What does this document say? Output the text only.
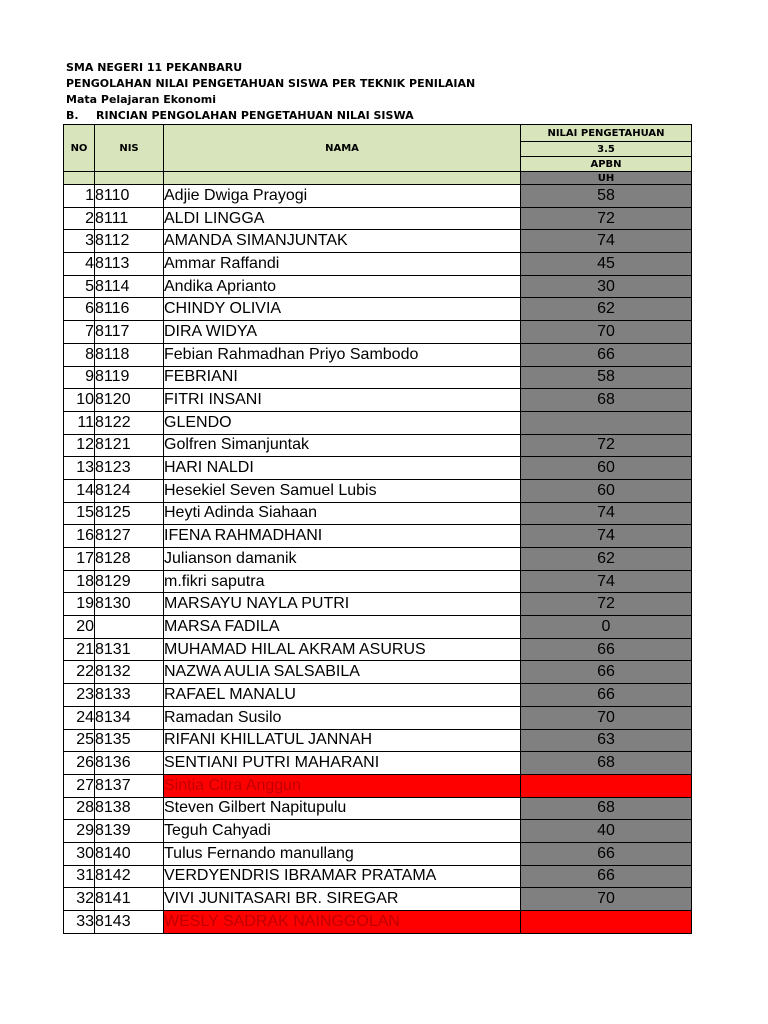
SMA NEGERI 11 PEKANBARU
PENGOLAHAN NILAI PENGETAHUAN SISWA PER TEKNIK PENILAIAN
Mata Pelajaran Ekonomi
B.	RINCIAN PENGOLAHAN PENGETAHUAN NILAI SISWA
NO	NIS	NAMA	NILAI PENGETAHUAN
			3.5
			APBN
			UH
1	8110	Adjie Dwiga Prayogi	58
2	8111	ALDI LINGGA	72
3	8112	AMANDA SIMANJUNTAK	74
4	8113	Ammar Raffandi	45
5	8114	Andika Aprianto	30
6	8116	CHINDY OLIVIA	62
7	8117	DIRA WIDYA	70
8	8118	Febian Rahmadhan Priyo Sambodo	66
9	8119	FEBRIANI	58
10	8120	FITRI INSANI	68
11	8122	GLENDO	
12	8121	Golfren Simanjuntak	72
13	8123	HARI NALDI	60
14	8124	Hesekiel Seven Samuel Lubis	60
15	8125	Heyti Adinda Siahaan	74
16	8127	IFENA RAHMADHANI	74
17	8128	Julianson damanik	62
18	8129	m.fikri saputra	74
19	8130	MARSAYU NAYLA PUTRI	72
20		MARSA FADILA	0
21	8131	MUHAMAD HILAL AKRAM ASURUS	66
22	8132	NAZWA AULIA SALSABILA	66
23	8133	RAFAEL MANALU	66
24	8134	Ramadan Susilo	70
25	8135	RIFANI KHILLATUL JANNAH	63
26	8136	SENTIANI PUTRI MAHARANI	68
27	8137	Sintia Citra Anggun	
28	8138	Steven Gilbert Napitupulu	68
29	8139	Teguh Cahyadi	40
30	8140	Tulus Fernando manullang	66
31	8142	VERDYENDRIS IBRAMAR PRATAMA	66
32	8141	VIVI JUNITASARI BR. SIREGAR	70
33	8143	WESLY SADRAK NAINGGOLAN	
